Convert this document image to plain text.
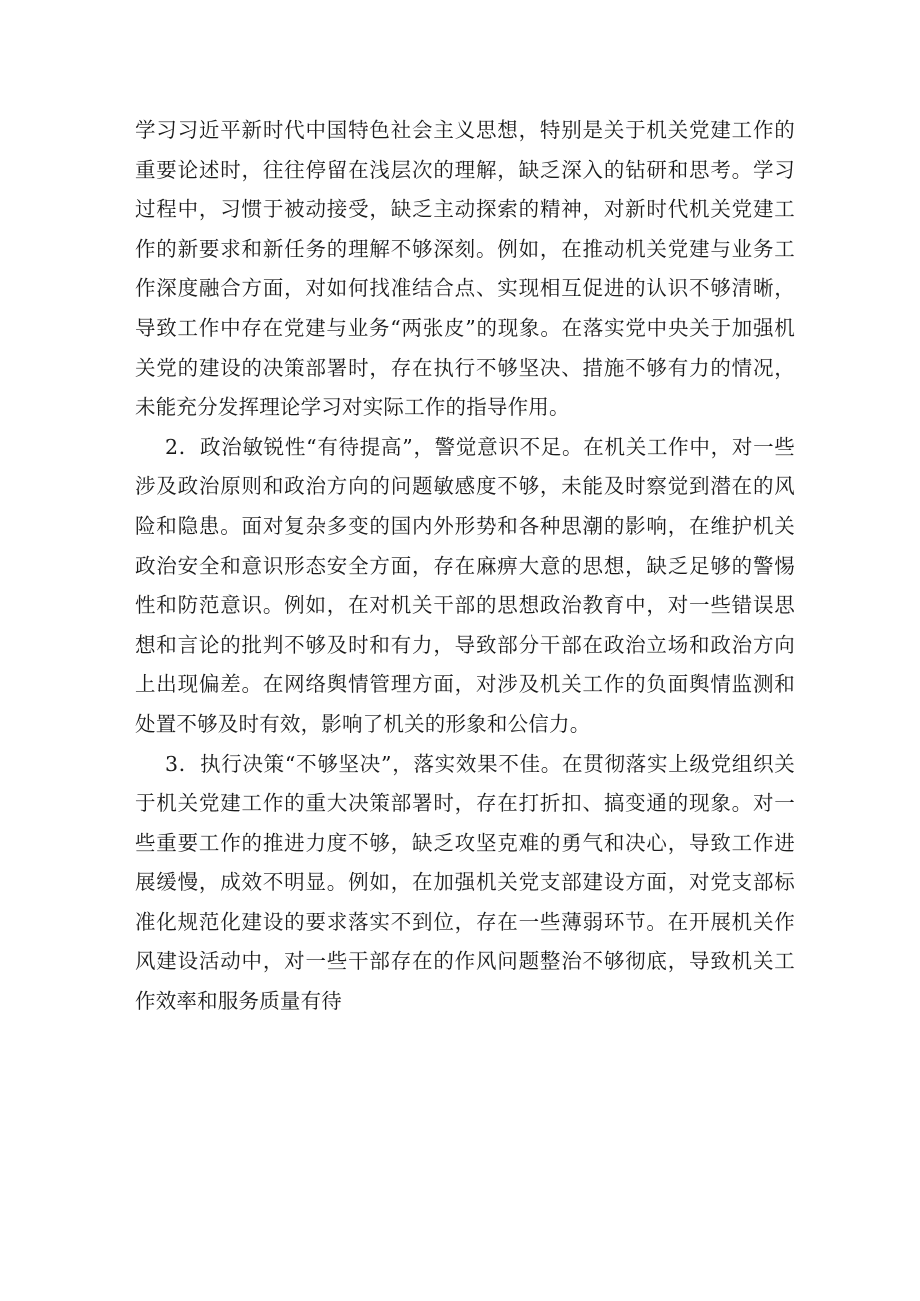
学习习近平新时代中国特色社会主义思想，特别是关于机关党建工作的重要论述时，往往停留在浅层次的理解，缺乏深入的钻研和思考。学习过程中，习惯于被动接受，缺乏主动探索的精神，对新时代机关党建工作的新要求和新任务的理解不够深刻。例如，在推动机关党建与业务工作深度融合方面，对如何找准结合点、实现相互促进的认识不够清晰，导致工作中存在党建与业务“两张皮”的现象。在落实党中央关于加强机关党的建设的决策部署时，存在执行不够坚决、措施不够有力的情况，未能充分发挥理论学习对实际工作的指导作用。

2．政治敏锐性“有待提高”，警觉意识不足。在机关工作中，对一些涉及政治原则和政治方向的问题敏感度不够，未能及时察觉到潜在的风险和隐患。面对复杂多变的国内外形势和各种思潮的影响，在维护机关政治安全和意识形态安全方面，存在麻痹大意的思想，缺乏足够的警惕性和防范意识。例如，在对机关干部的思想政治教育中，对一些错误思想和言论的批判不够及时和有力，导致部分干部在政治立场和政治方向上出现偏差。在网络舆情管理方面，对涉及机关工作的负面舆情监测和处置不够及时有效，影响了机关的形象和公信力。

3．执行决策“不够坚决”，落实效果不佳。在贯彻落实上级党组织关于机关党建工作的重大决策部署时，存在打折扣、搞变通的现象。对一些重要工作的推进力度不够，缺乏攻坚克难的勇气和决心，导致工作进展缓慢，成效不明显。例如，在加强机关党支部建设方面，对党支部标准化规范化建设的要求落实不到位，存在一些薄弱环节。在开展机关作风建设活动中，对一些干部存在的作风问题整治不够彻底，导致机关工作效率和服务质量有待
